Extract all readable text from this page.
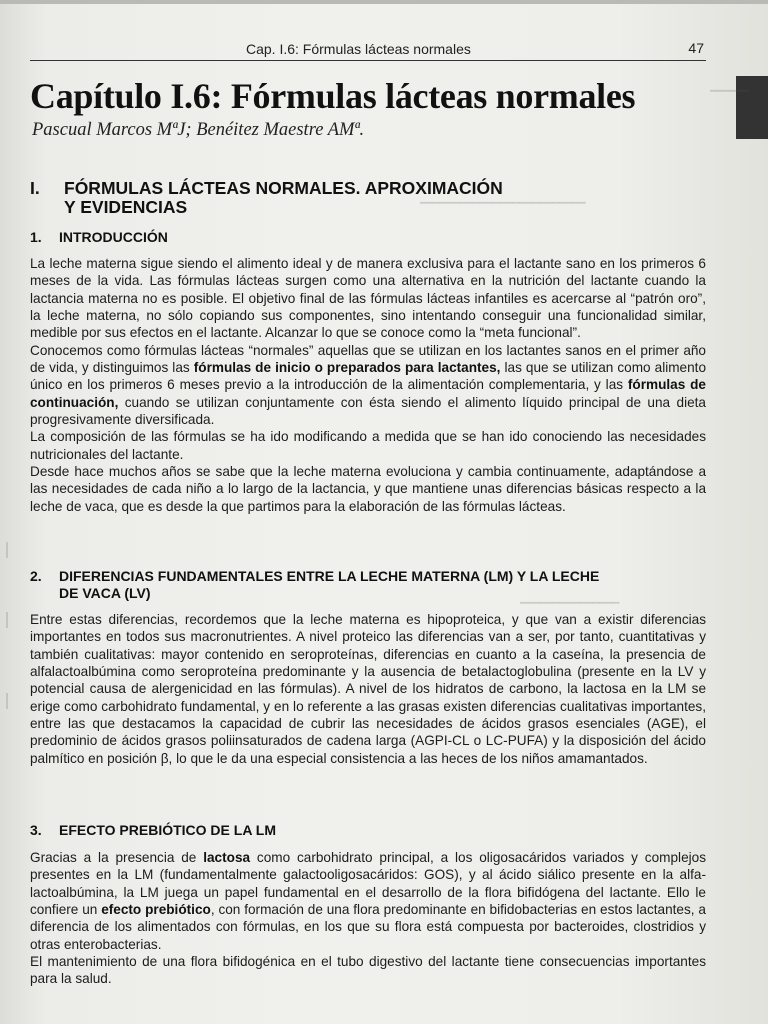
━━━━━━
━━━━━━━━━━━━━━━━━━━━━━━━━
━━━━━━━━━━━━━━━
Cap. I.6: Fórmulas lácteas normales	47
Capítulo I.6: Fórmulas lácteas normales
Pascual Marcos MªJ; Benéitez Maestre AMª.
I. FÓRMULAS LÁCTEAS NORMALES. APROXIMACIÓN
Y EVIDENCIAS
1. INTRODUCCIÓN

La leche materna sigue siendo el alimento ideal y de manera exclusiva para el lactante sano en los primeros 6 meses de la vida. Las fórmulas lácteas surgen como una alternativa en la nutrición del lactante cuando la lactancia materna no es posible. El objetivo final de las fórmulas lácteas infantiles es acercarse al “patrón oro”, la leche materna, no sólo copiando sus componentes, sino intentando conseguir una funcionalidad similar, medible por sus efectos en el lactante. Alcanzar lo que se conoce como la “meta funcional”.

Conocemos como fórmulas lácteas “normales” aquellas que se utilizan en los lactantes sanos en el primer año de vida, y distinguimos las fórmulas de inicio o preparados para lactantes, las que se utilizan como alimento único en los primeros 6 meses previo a la introducción de la alimentación complementaria, y las fórmulas de continuación, cuando se utilizan conjuntamente con ésta siendo el alimento líquido principal de una dieta progresivamente diversificada.

La composición de las fórmulas se ha ido modificando a medida que se han ido conociendo las necesidades nutricionales del lactante.

Desde hace muchos años se sabe que la leche materna evoluciona y cambia continuamente, adaptándose a las necesidades de cada niño a lo largo de la lactancia, y que mantiene unas diferencias básicas respecto a la leche de vaca, que es desde la que partimos para la elaboración de las fórmulas lácteas.

2. DIFERENCIAS FUNDAMENTALES ENTRE LA LECHE MATERNA (LM) Y LA LECHE
DE VACA (LV)

Entre estas diferencias, recordemos que la leche materna es hipoproteica, y que van a existir diferencias importantes en todos sus macronutrientes. A nivel proteico las diferencias van a ser, por tanto, cuantitativas y también cualitativas: mayor contenido en seroproteínas, diferencias en cuanto a la caseína, la presencia de alfalactoalbúmina como seroproteína predominante y la ausencia de betalactoglobulina (presente en la LV y potencial causa de alergenicidad en las fórmulas). A nivel de los hidratos de carbono, la lactosa en la LM se erige como carbohidrato fundamental, y en lo referente a las grasas existen diferencias cualitativas importantes, entre las que destacamos la capacidad de cubrir las necesidades de ácidos grasos esenciales (AGE), el predominio de ácidos grasos poliinsaturados de cadena larga (AGPI-CL o LC-PUFA) y la disposición del ácido palmítico en posición β, lo que le da una especial consistencia a las heces de los niños amamantados.

3. EFECTO PREBIÓTICO DE LA LM

Gracias a la presencia de lactosa como carbohidrato principal, a los oligosacáridos variados y complejos presentes en la LM (fundamentalmente galactooligosacáridos: GOS), y al ácido siálico presente en la alfa-lactoalbúmina, la LM juega un papel fundamental en el desarrollo de la flora bifidógena del lactante. Ello le confiere un efecto prebiótico, con formación de una flora predominante en bifidobacterias en estos lactantes, a diferencia de los alimentados con fórmulas, en los que su flora está compuesta por bacteroides, clostridios y otras enterobacterias.

El mantenimiento de una flora bifidogénica en el tubo digestivo del lactante tiene consecuencias importantes para la salud.
